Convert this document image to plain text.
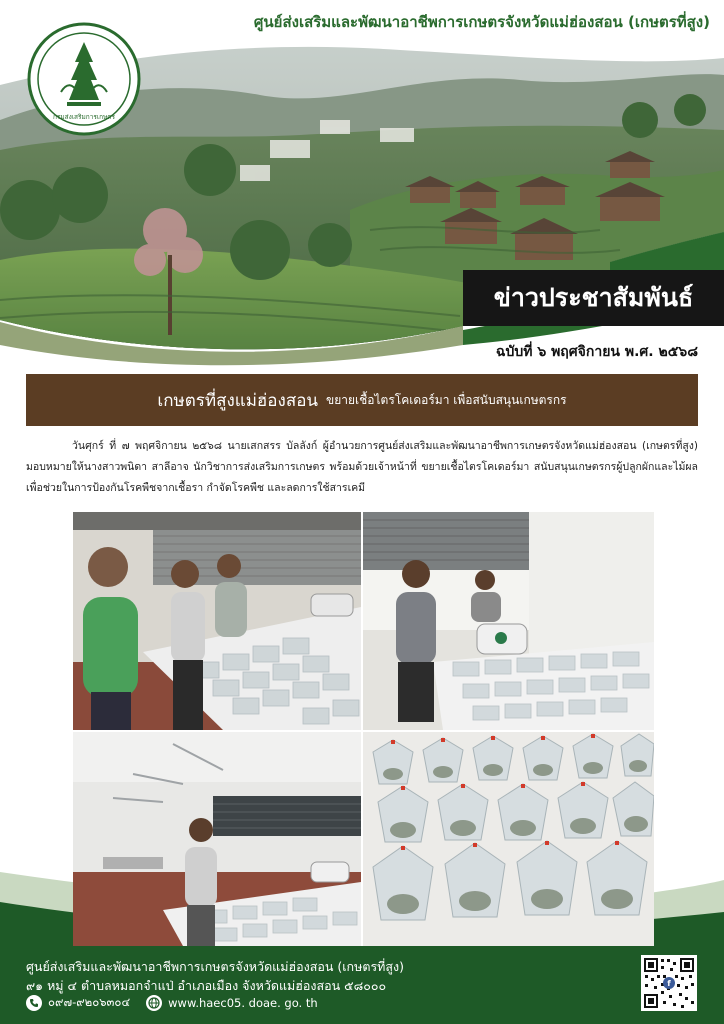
ศูนย์ส่งเสริมและพัฒนาอาชีพการเกษตรจังหวัดแม่ฮ่องสอน (เกษตรที่สูง)
กรมส่งเสริมการเกษตร
ข่าวประชาสัมพันธ์
ฉบับที่ ๖ พฤศจิกายน พ.ศ. ๒๕๖๘
เกษตรที่สูงแม่ฮ่องสอน ขยายเชื้อไตรโคเดอร์มา เพื่อสนับสนุนเกษตรกร
วันศุกร์ ที่ ๗ พฤศจิกายน ๒๕๖๘ นายเสกสรร บัลลังก์ ผู้อำนวยการศูนย์ส่งเสริมและพัฒนาอาชีพการเกษตรจังหวัดแม่ฮ่องสอน (เกษตรที่สูง) มอบหมายให้นางสาวพนิดา สาลีอาจ นักวิชาการส่งเสริมการเกษตร พร้อมด้วยเจ้าหน้าที่ ขยายเชื้อไตรโคเดอร์มา สนับสนุนเกษตรกรผู้ปลูกผักและไม้ผล เพื่อช่วยในการป้องกันโรคพืชจากเชื้อรา กำจัดโรคพืช และลดการใช้สารเคมี
ศูนย์ส่งเสริมและพัฒนาอาชีพการเกษตรจังหวัดแม่ฮ่องสอน (เกษตรที่สูง)
๙๑ หมู่ ๔ ตำบลหมอกจำแป่ อำเภอเมือง จังหวัดแม่ฮ่องสอน ๕๘๐๐๐
๐๙๗-๙๒๐๖๓๐๔	www.haec05. doae. go. th
f
